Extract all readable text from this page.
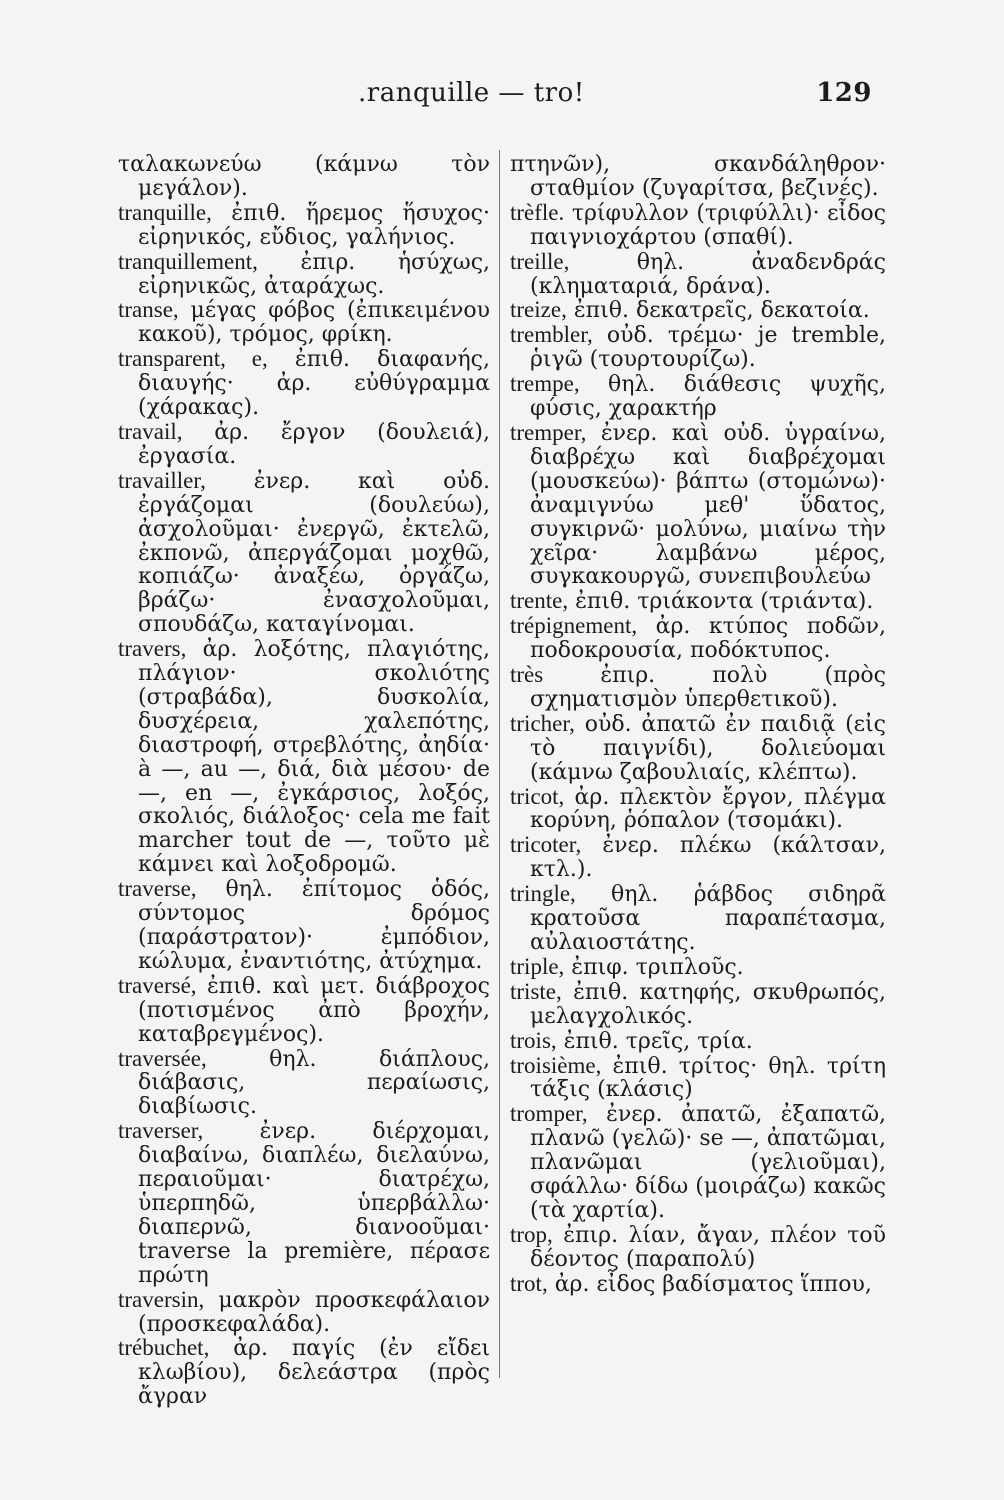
.ranquille — tro!	129

ταλακωνεύω (κάμνω τὸν μεγάλον).

tranquille, ἐπιθ. ἥρεμος ἥσυχος· εἰρηνικός, εὔδιος, γαλήνιος.

tranquillement, ἐπιρ. ἡσύχως, εἰρηνικῶς, ἀταράχως.

transe, μέγας φόβος (ἐπικειμένου κακοῦ), τρόμος, φρίκη.

transparent, e, ἐπιθ. διαφανής, διαυγής· ἀρ. εὐθύγραμμα (χάρακας).

travail, ἀρ. ἔργον (δουλειά), ἐργασία.

travailler, ἐνερ. καὶ οὐδ. ἐργάζομαι (δουλεύω), ἀσχολοῦμαι· ἐνεργῶ, ἐκτελῶ, ἐκπονῶ, ἀπεργάζομαι μοχθῶ, κοπιάζω· ἀναξέω, ὀργάζω, βράζω· ἐνασχολοῦμαι, σπουδάζω, καταγίνομαι.

travers, ἀρ. λοξότης, πλαγιότης, πλάγιον· σκολιότης (στραβάδα), δυσκολία, δυσχέρεια, χαλεπότης, διαστροφή, στρεβλότης, ἀηδία· à —, au —, διά, διὰ μέσου· de —, en —, ἐγκάρσιος, λοξός, σκολιός, διάλοξος· cela me fait marcher tout de —, τοῦτο μὲ κάμνει καὶ λοξοδρομῶ.

traverse, θηλ. ἐπίτομος ὁδός, σύντομος δρόμος (παράστρατον)· ἐμπόδιον, κώλυμα, ἐναντιότης, ἀτύχημα.

traversé, ἐπιθ. καὶ μετ. διάβροχος (ποτισμένος ἀπὸ βροχήν, καταβρεγμένος).

traversée,	θηλ. διάπλους, διάβασις, περαίωσις, διαβίωσις.

traverser,	ἐνερ. διέρχομαι, διαβαίνω, διαπλέω, διελαύνω, περαιοῦμαι· διατρέχω, ὑπερπηδῶ, ὑπερβάλλω· διαπερνῶ, διανοοῦμαι· traverse la première, πέρασε πρώτη

traversin, μακρὸν προσκεφάλαιον (προσκεφαλάδα).

trébuchet, ἀρ. παγίς (ἐν εἴδει κλωβίου), δελεάστρα (πρὸς ἄγραν

πτηνῶν), σκανδάληθρον· σταθμίον (ζυγαρίτσα, βεζινές).

trèfle. τρίφυλλον (τριφύλλι)· εἶδος παιγνιοχάρτου (σπαθί).

treille,	θηλ. ἀναδενδράς (κληματαριά, δράνα).

treize, ἐπιθ. δεκατρεῖς, δεκατοία.

trembler, οὐδ. τρέμω· je tremble, ῥιγῶ (τουρτουρίζω).

trempe, θηλ. διάθεσις ψυχῆς, φύσις, χαρακτήρ

tremper, ἐνερ. καὶ οὐδ. ὑγραίνω, διαβρέχω καὶ διαβρέχομαι (μουσκεύω)· βάπτω (στομώνω)· ἀναμιγνύω μεθ' ὕδατος, συγκιρνῶ· μολύνω, μιαίνω τὴν χεῖρα· λαμβάνω μέρος, συγκακουργῶ, συνεπιβουλεύω

trente, ἐπιθ. τριάκοντα (τριάντα).

trépignement, ἀρ. κτύπος ποδῶν, ποδοκρουσία, ποδόκτυπος.

très	ἐπιρ. πολὺ (πρὸς σχηματισμὸν ὑπερθετικοῦ).

tricher, οὐδ. ἀπατῶ ἐν παιδιᾷ (εἰς τὸ παιγνίδι), δολιεύομαι (κάμνω ζαβουλιαίς, κλέπτω).

tricot, ἀρ. πλεκτὸν ἔργον, πλέγμα κορύνη, ῥόπαλον (τσομάκι).

tricoter, ἐνερ. πλέκω (κάλτσαν, κτλ.).

tringle, θηλ. ῥάβδος σιδηρᾶ κρατοῦσα παραπέτασμα, αὐλαιοστάτης.

triple, ἐπιφ. τριπλοῦς.

triste, ἐπιθ. κατηφής, σκυθρωπός, μελαγχολικός.

trois, ἐπιθ. τρεῖς, τρία.

troisième, ἐπιθ. τρίτος· θηλ. τρίτη τάξις (κλάσις)

tromper, ἐνερ. ἀπατῶ, ἐξαπατῶ, πλανῶ (γελῶ)· se —, ἀπατῶμαι, πλανῶμαι (γελιοῦμαι), σφάλλω· δίδω (μοιράζω) κακῶς (τὰ χαρτία).

trop, ἐπιρ. λίαν, ἄγαν, πλέον τοῦ δέοντος (παραπολύ)

trot, ἀρ. εἶδος βαδίσματος ἵππου,
